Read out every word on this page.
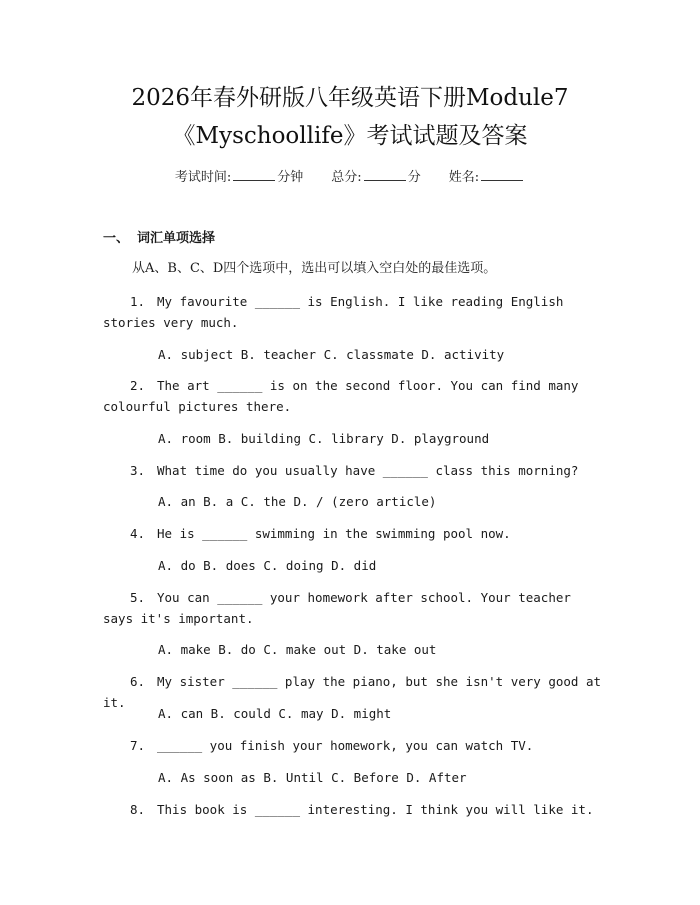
2026年春外研版八年级英语下册Module7
《Myschoollife》考试试题及答案
考试时间:	分钟 总分:	分 姓名:
一、 词汇单项选择
从A、B、C、D四个选项中，选出可以填入空白处的最佳选项。
1. My favourite ______ is English. I like reading English stories very much.
A. subject B. teacher C. classmate D. activity
2. The art ______ is on the second floor. You can find many colourful pictures there.
A. room B. building C. library D. playground
3. What time do you usually have ______ class this morning?
A. an B. a C. the D. / (zero article)
4. He is ______ swimming in the swimming pool now.
A. do B. does C. doing D. did
5. You can ______ your homework after school. Your teacher says it's important.
A. make B. do C. make out D. take out
6. My sister ______ play the piano, but she isn't very good at it.
A. can B. could C. may D. might
7. ______ you finish your homework, you can watch TV.
A. As soon as B. Until C. Before D. After
8. This book is ______ interesting. I think you will like it.
